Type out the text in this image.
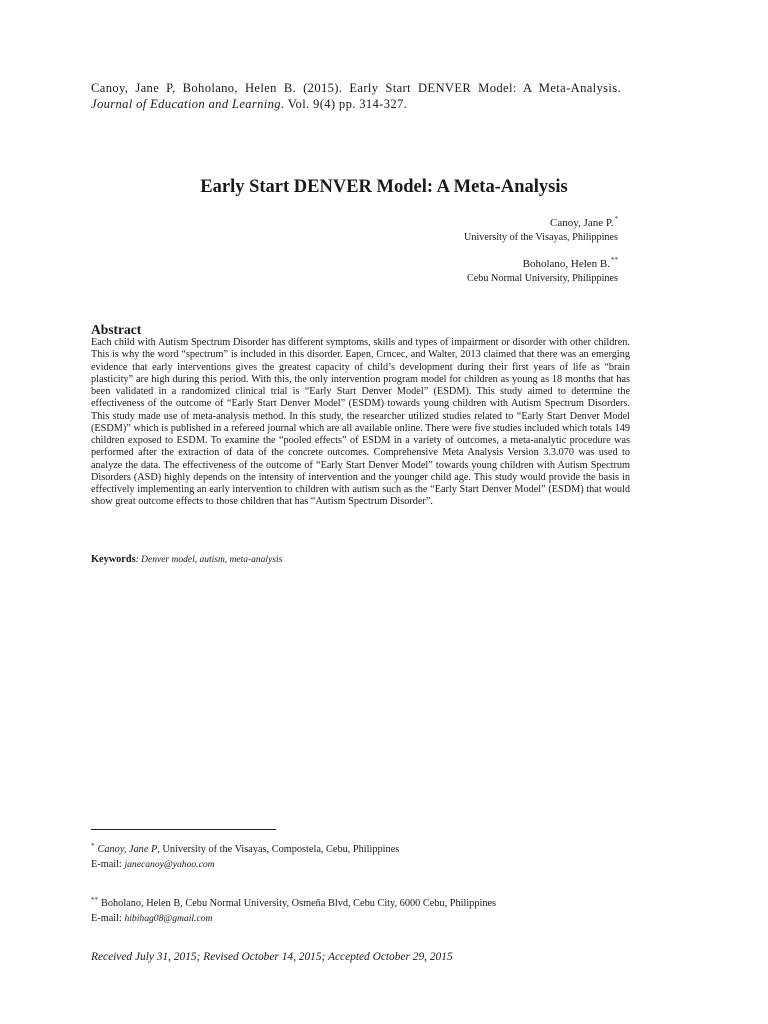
Canoy, Jane P, Boholano, Helen B. (2015). Early Start DENVER Model: A Meta-Analysis. Journal of Education and Learning. Vol. 9(4) pp. 314-327.
Early Start DENVER Model: A Meta-Analysis
Canoy, Jane P.*
University of the Visayas, Philippines
Boholano, Helen B.**
Cebu Normal University, Philippines
Abstract

Each child with Autism Spectrum Disorder has different symptoms, skills and types of impairment or disorder with other children. This is why the word “spectrum” is included in this disorder. Eapen, Crncec, and Walter, 2013 claimed that there was an emerging evidence that early interventions gives the greatest capacity of child’s development during their first years of life as “brain plasticity” are high during this period. With this, the only intervention program model for children as young as 18 months that has been validated in a randomized clinical trial is “Early Start Denver Model” (ESDM). This study aimed to determine the effectiveness of the outcome of “Early Start Denver Model” (ESDM) towards young children with Autism Spectrum Disorders. This study made use of meta-analysis method. In this study, the researcher utilized studies related to “Early Start Denver Model (ESDM)” which is published in a refereed journal which are all available online. There were five studies included which totals 149 children exposed to ESDM. To examine the “pooled effects” of ESDM in a variety of outcomes, a meta-analytic procedure was performed after the extraction of data of the concrete outcomes. Comprehensive Meta Analysis Version 3.3.070 was used to analyze the data. The effectiveness of the outcome of “Early Start Denver Model” towards young children with Autism Spectrum Disorders (ASD) highly depends on the intensity of intervention and the younger child age. This study would provide the basis in effectively implementing an early intervention to children with autism such as the “Early Start Denver Model” (ESDM) that would show great outcome effects to those children that has “Autism Spectrum Disorder”.

Keywords: Denver model, autism, meta-analysis
* Canoy, Jane P, University of the Visayas, Compostela, Cebu, Philippines
E-mail: janecanoy@yahoo.com
** Boholano, Helen B, Cebu Normal University, Osmeña Blvd, Cebu City, 6000 Cebu, Philippines
E-mail: hibihag08@gmail.com
Received July 31, 2015; Revised October 14, 2015; Accepted October 29, 2015
